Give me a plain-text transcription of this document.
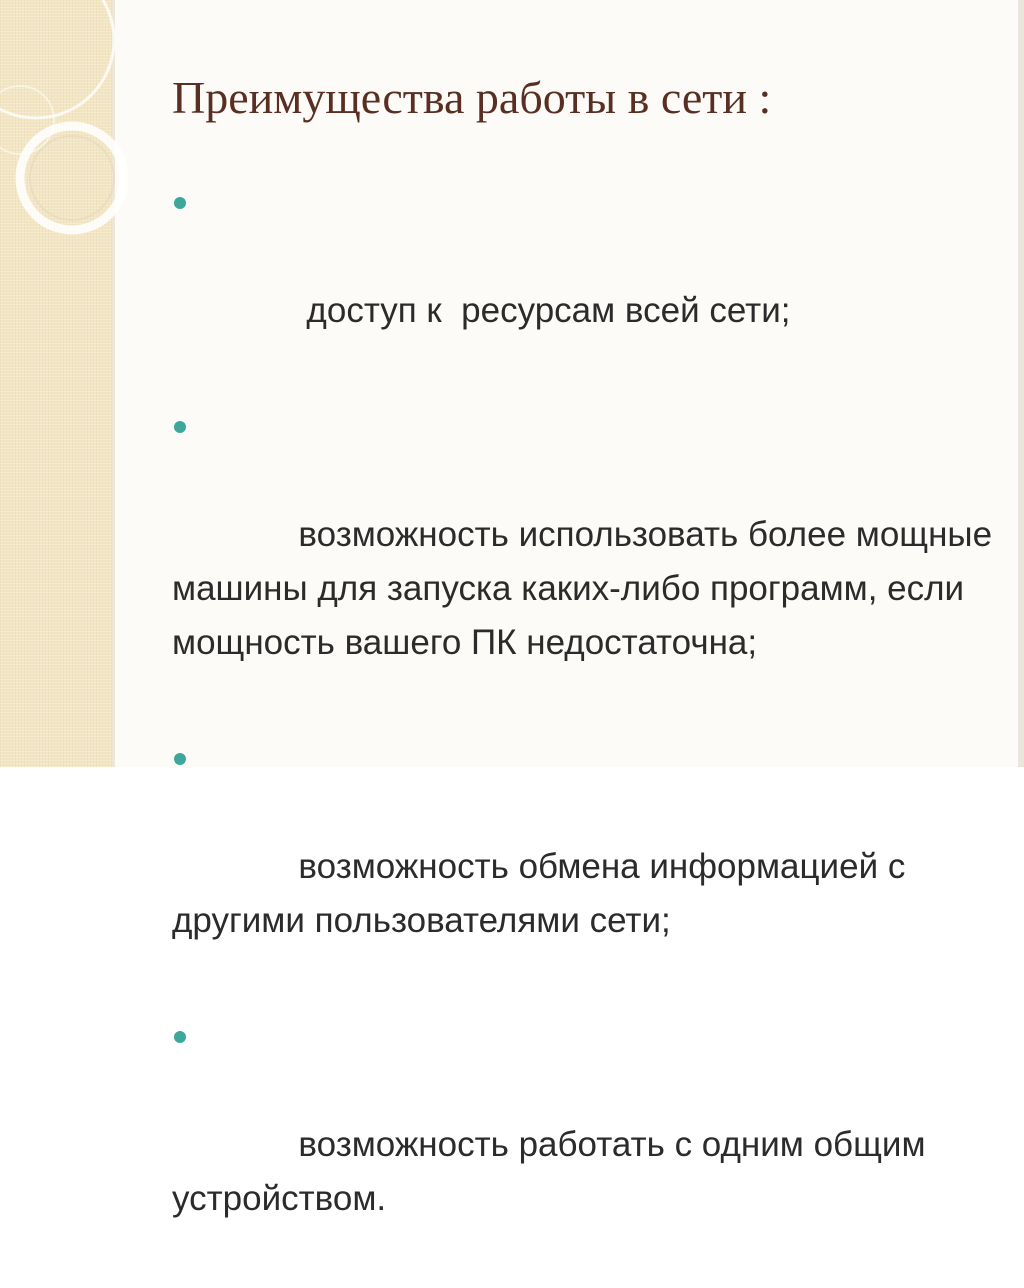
Преимущества работы в сети :

доступ к  ресурсам всей сети;

возможность использовать более мощные машины для запуска каких-либо программ, если мощность вашего ПК недостаточна;

возможность обмена информацией с другими пользователями сети;

возможность работать с одним общим устройством.
